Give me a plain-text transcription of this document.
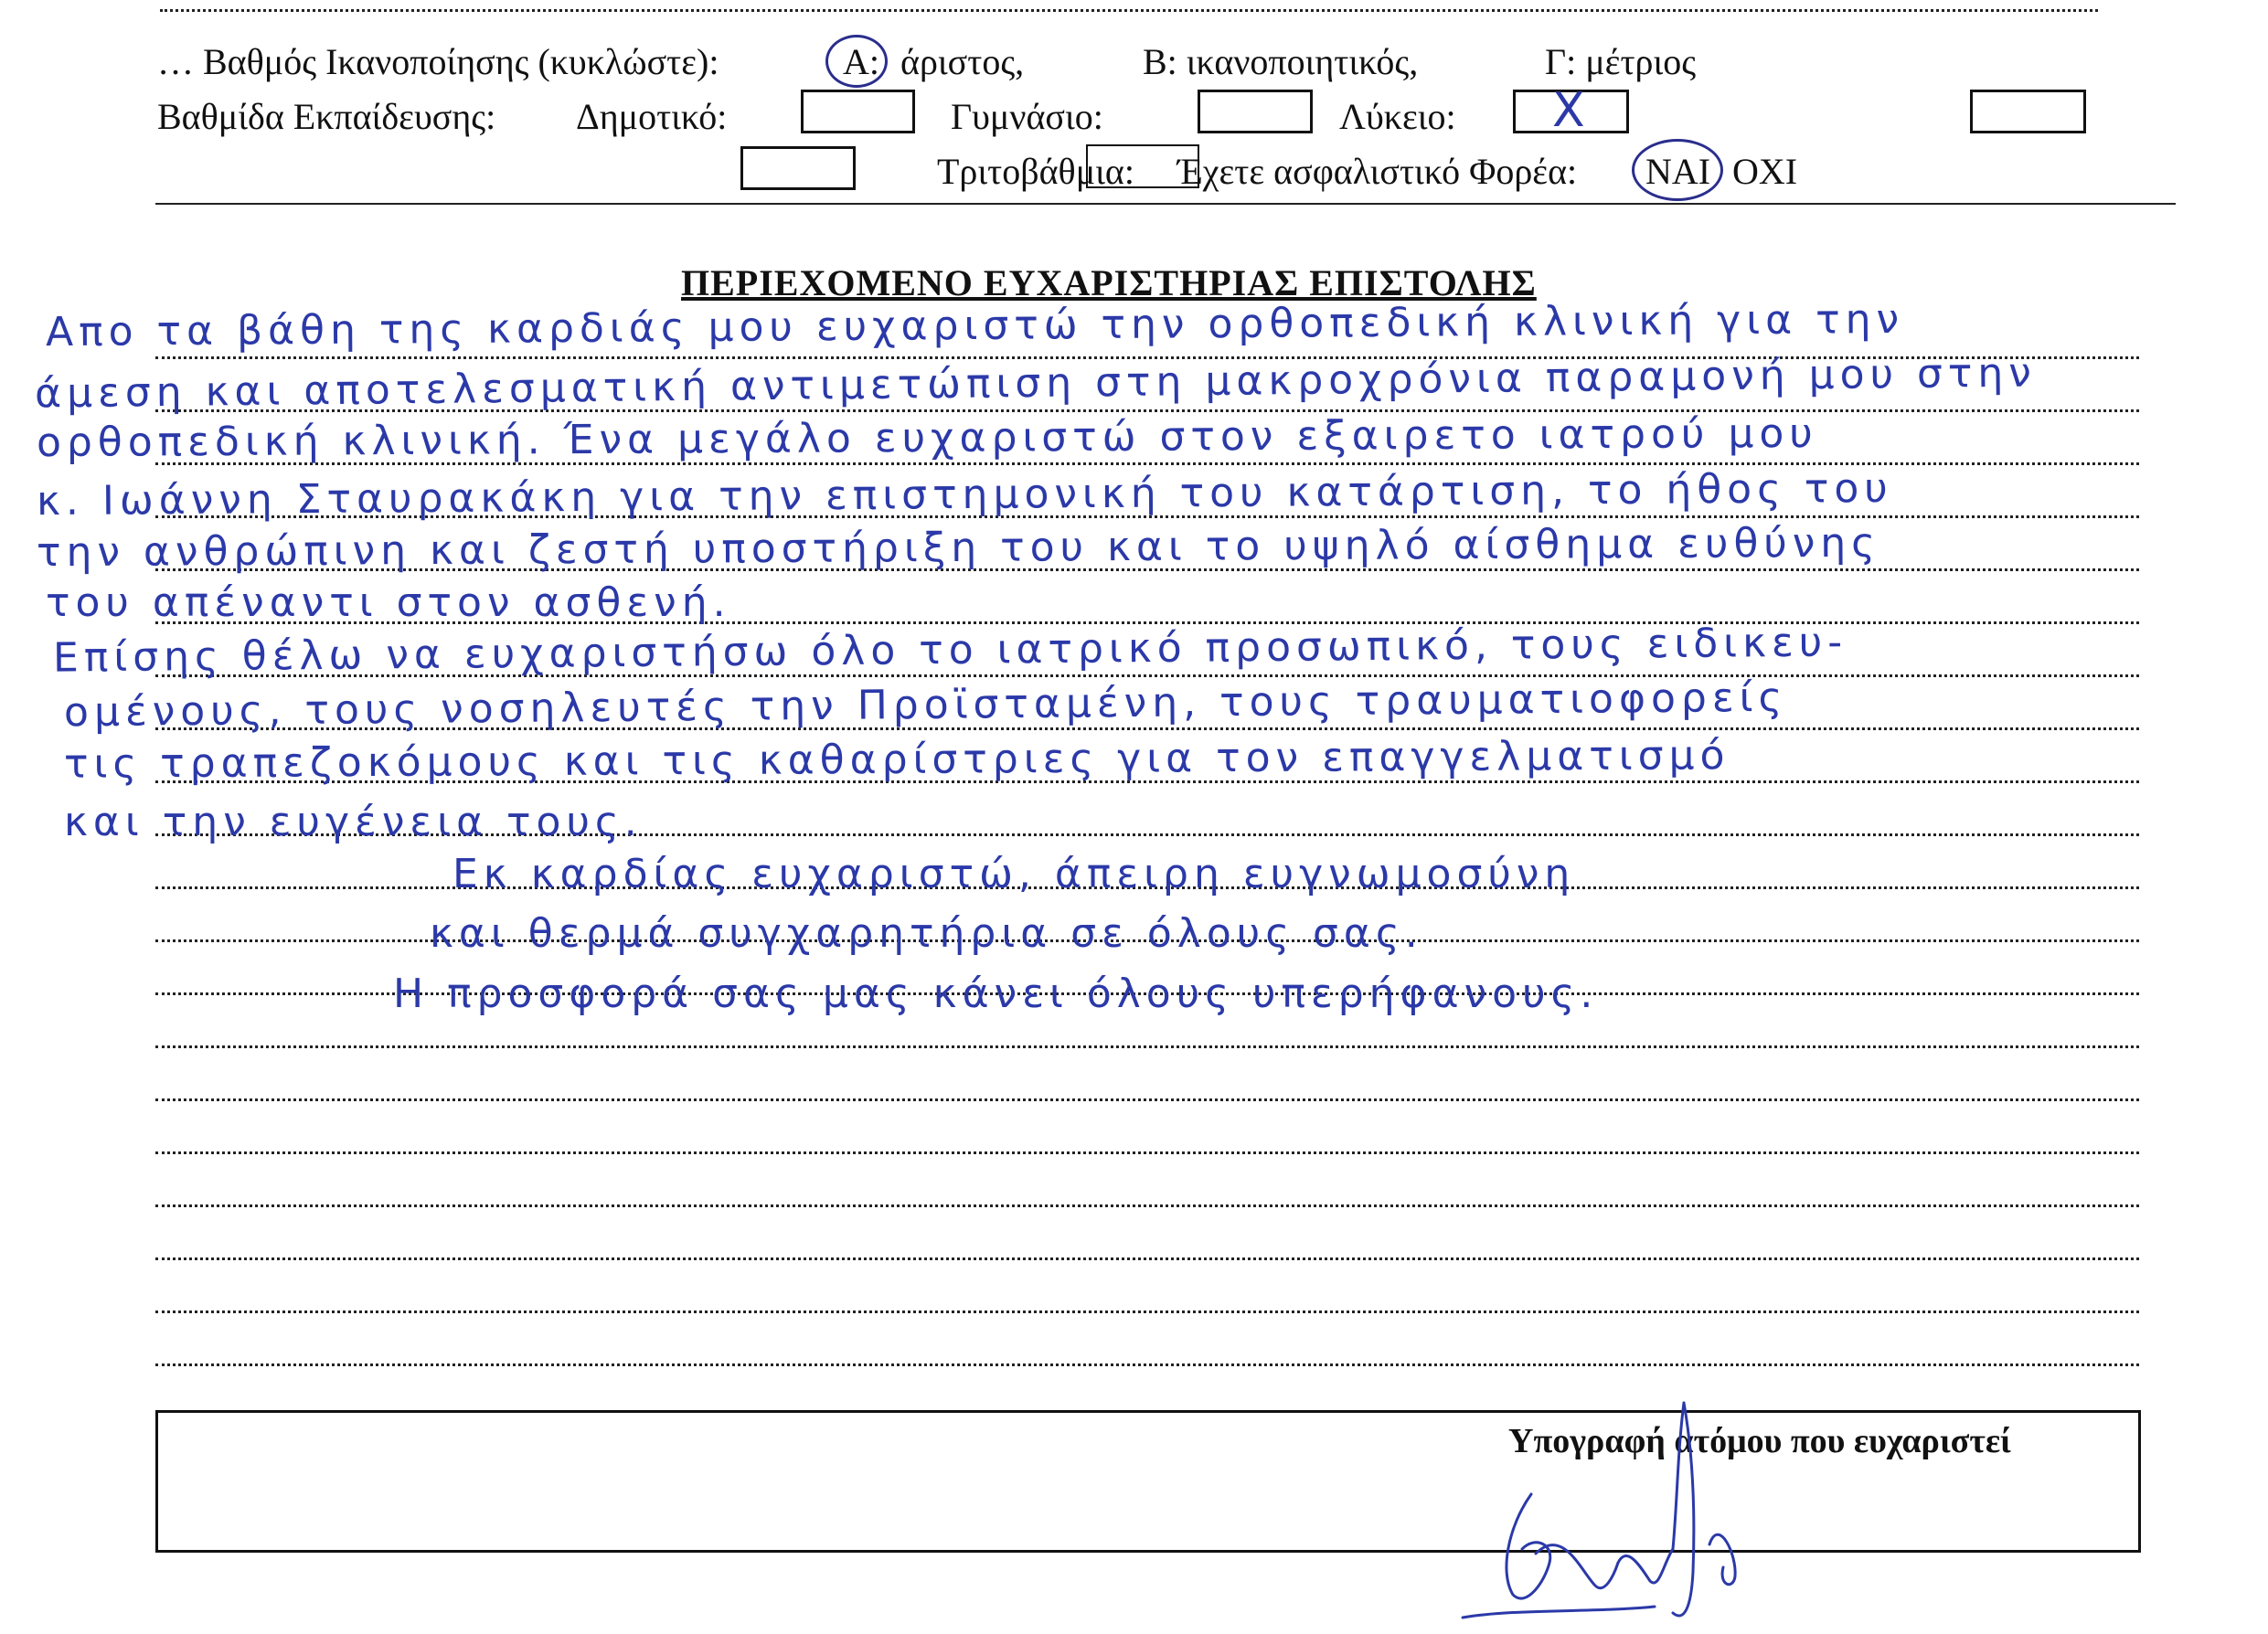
… Βαθμός Ικανοποίησης (κυκλώστε):	A: άριστος,	B: ικανοποιητικός,	Γ: μέτριος
Βαθμίδα Εκπαίδευσης: Δημοτικό:	Γυμνάσιο:	Λύκειο: X
Τριτοβάθμια: Έχετε ασφαλιστικό Φορέα: ΝΑΙ ΟΧΙ
ΠΕΡΙΕΧΟΜΕΝΟ ΕΥΧΑΡΙΣΤΗΡΙΑΣ ΕΠΙΣΤΟΛΗΣ
Απο τα βάθη της καρδιάς μου ευχαριστώ την ορθοπεδική κλινική για την
άμεση και αποτελεσματική αντιμετώπιση στη μακροχρόνια παραμονή μου στην
ορθοπεδική κλινική. Ένα μεγάλο ευχαριστώ στον εξαιρετο ιατρού μου
κ. Ιωάννη Σταυρακάκη για την επιστημονική του κατάρτιση, το ήθος του
την ανθρώπινη και ζεστή υποστήριξη του και το υψηλό αίσθημα ευθύνης
του απέναντι στον ασθενή.
Επίσης θέλω να ευχαριστήσω όλο το ιατρικό προσωπικό, τους ειδικευ-
ομένους, τους νοσηλευτές την Προϊσταμένη, τους τραυματιοφορείς
τις τραπεζοκόμους και τις καθαρίστριες για τον επαγγελματισμό
και την ευγένεια τους.
Εκ καρδίας ευχαριστώ, άπειρη ευγνωμοσύνη
και θερμά συγχαρητήρια σε όλους σας.
Η προσφορά σας μας κάνει όλους υπερήφανους.
Υπογραφή ατόμου που ευχαριστεί
